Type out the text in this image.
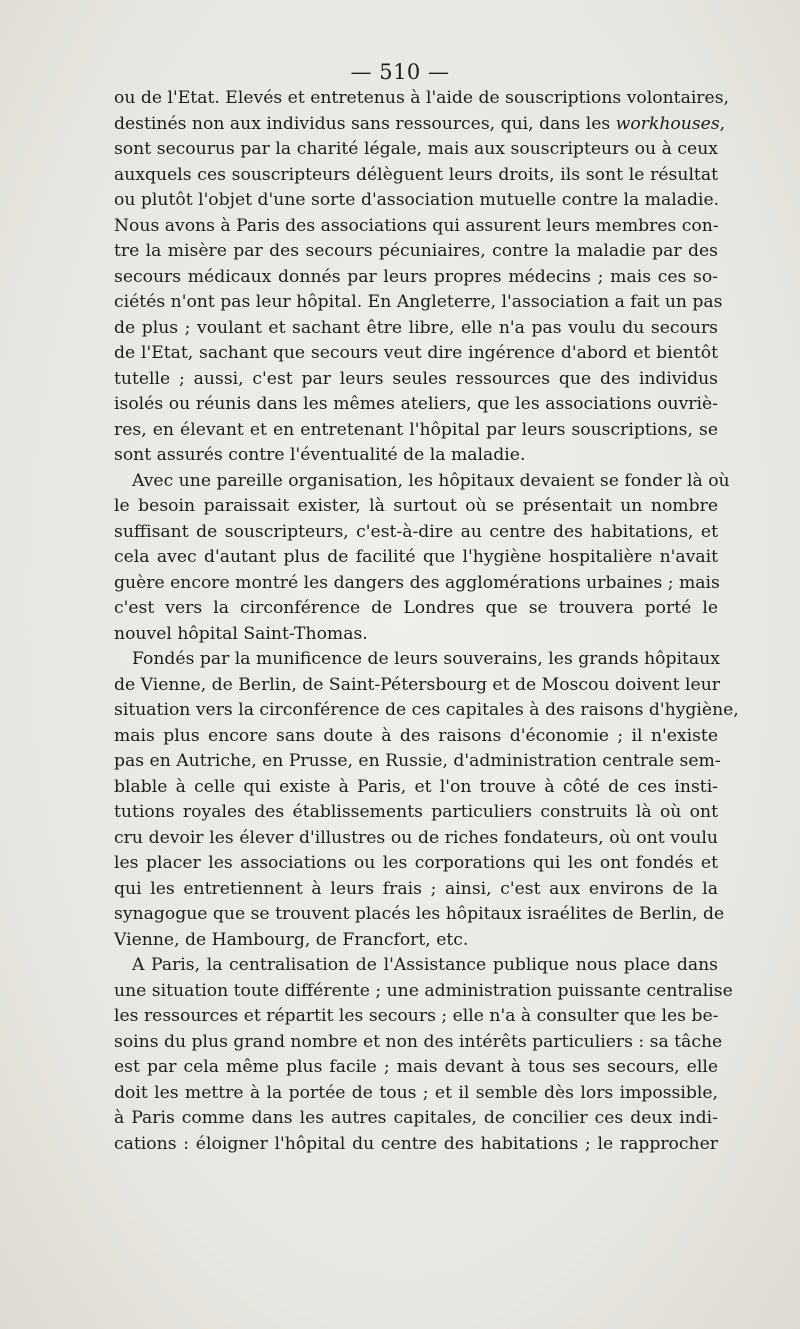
— 510 —
ou de l'Etat. Elevés et entretenus à l'aide de souscriptions volontaires,
destinés non aux individus sans ressources, qui, dans les workhouses,
sont secourus par la charité légale, mais aux souscripteurs ou à ceux
auxquels ces souscripteurs délèguent leurs droits, ils sont le résultat
ou plutôt l'objet d'une sorte d'association mutuelle contre la maladie.
Nous avons à Paris des associations qui assurent leurs membres con-
tre la misère par des secours pécuniaires, contre la maladie par des
secours médicaux donnés par leurs propres médecins ; mais ces so-
ciétés n'ont pas leur hôpital. En Angleterre, l'association a fait un pas
de plus ; voulant et sachant être libre, elle n'a pas voulu du secours
de l'Etat, sachant que secours veut dire ingérence d'abord et bientôt
tutelle ; aussi, c'est par leurs seules ressources que des individus
isolés ou réunis dans les mêmes ateliers, que les associations ouvriè-
res, en élevant et en entretenant l'hôpital par leurs souscriptions, se
sont assurés contre l'éventualité de la maladie.
Avec une pareille organisation, les hôpitaux devaient se fonder là où
le besoin paraissait exister, là surtout où se présentait un nombre
suffisant de souscripteurs, c'est-à-dire au centre des habitations, et
cela avec d'autant plus de facilité que l'hygiène hospitalière n'avait
guère encore montré les dangers des agglomérations urbaines ; mais
c'est vers la circonférence de Londres que se trouvera porté le
nouvel hôpital Saint-Thomas.
Fondés par la munificence de leurs souverains, les grands hôpitaux
de Vienne, de Berlin, de Saint-Pétersbourg et de Moscou doivent leur
situation vers la circonférence de ces capitales à des raisons d'hygiène,
mais plus encore sans doute à des raisons d'économie ; il n'existe
pas en Autriche, en Prusse, en Russie, d'administration centrale sem-
blable à celle qui existe à Paris, et l'on trouve à côté de ces insti-
tutions royales des établissements particuliers construits là où ont
cru devoir les élever d'illustres ou de riches fondateurs, où ont voulu
les placer les associations ou les corporations qui les ont fondés et
qui les entretiennent à leurs frais ; ainsi, c'est aux environs de la
synagogue que se trouvent placés les hôpitaux israélites de Berlin, de
Vienne, de Hambourg, de Francfort, etc.
A Paris, la centralisation de l'Assistance publique nous place dans
une situation toute différente ; une administration puissante centralise
les ressources et répartit les secours ; elle n'a à consulter que les be-
soins du plus grand nombre et non des intérêts particuliers : sa tâche
est par cela même plus facile ; mais devant à tous ses secours, elle
doit les mettre à la portée de tous ; et il semble dès lors impossible,
à Paris comme dans les autres capitales, de concilier ces deux indi-
cations : éloigner l'hôpital du centre des habitations ; le rapprocher
